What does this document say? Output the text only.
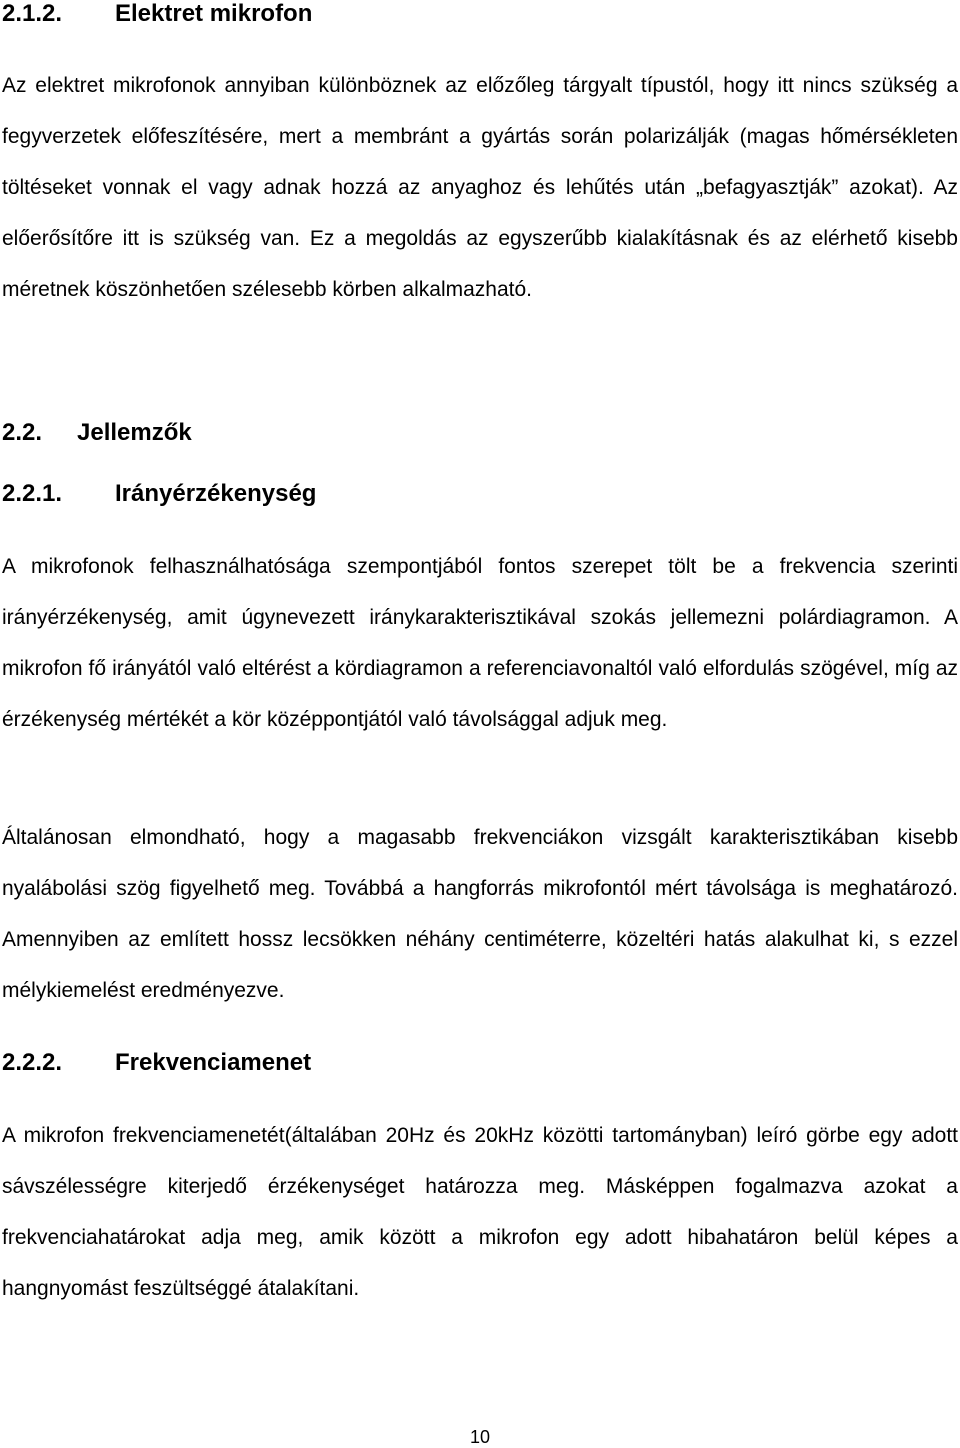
2.1.2. Elektret mikrofon

Az elektret mikrofonok annyiban különböznek az előzőleg tárgyalt típustól, hogy itt nincs szükség a fegyverzetek előfeszítésére, mert a membránt a gyártás során polarizálják (magas hőmérsékleten töltéseket vonnak el vagy adnak hozzá az anyaghoz és lehűtés után „befagyasztják” azokat). Az előerősítőre itt is szükség van. Ez a megoldás az egyszerűbb kialakításnak és az elérhető kisebb méretnek köszönhetően szélesebb körben alkalmazható.

2.2. Jellemzők
2.2.1. Irányérzékenység

A mikrofonok felhasználhatósága szempontjából fontos szerepet tölt be a frekvencia szerinti irányérzékenység, amit úgynevezett iránykarakterisztikával szokás jellemezni polárdiagramon. A mikrofon fő irányától való eltérést a kördiagramon a referenciavonaltól való elfordulás szögével, míg az érzékenység mértékét a kör középpontjától való távolsággal adjuk meg.

Általánosan elmondható, hogy a magasabb frekvenciákon vizsgált karakterisztikában kisebb nyalábolási szög figyelhető meg. Továbbá a hangforrás mikrofontól mért távolsága is meghatározó. Amennyiben az említett hossz lecsökken néhány centiméterre, közeltéri hatás alakulhat ki, s ezzel mélykiemelést eredményezve.

2.2.2. Frekvenciamenet

A mikrofon frekvenciamenetét(általában 20Hz és 20kHz közötti tartományban) leíró görbe egy adott sávszélességre kiterjedő érzékenységet határozza meg. Másképpen fogalmazva azokat a frekvenciahatárokat adja meg, amik között a mikrofon egy adott hibahatáron belül képes a hangnyomást feszültséggé átalakítani.

10
